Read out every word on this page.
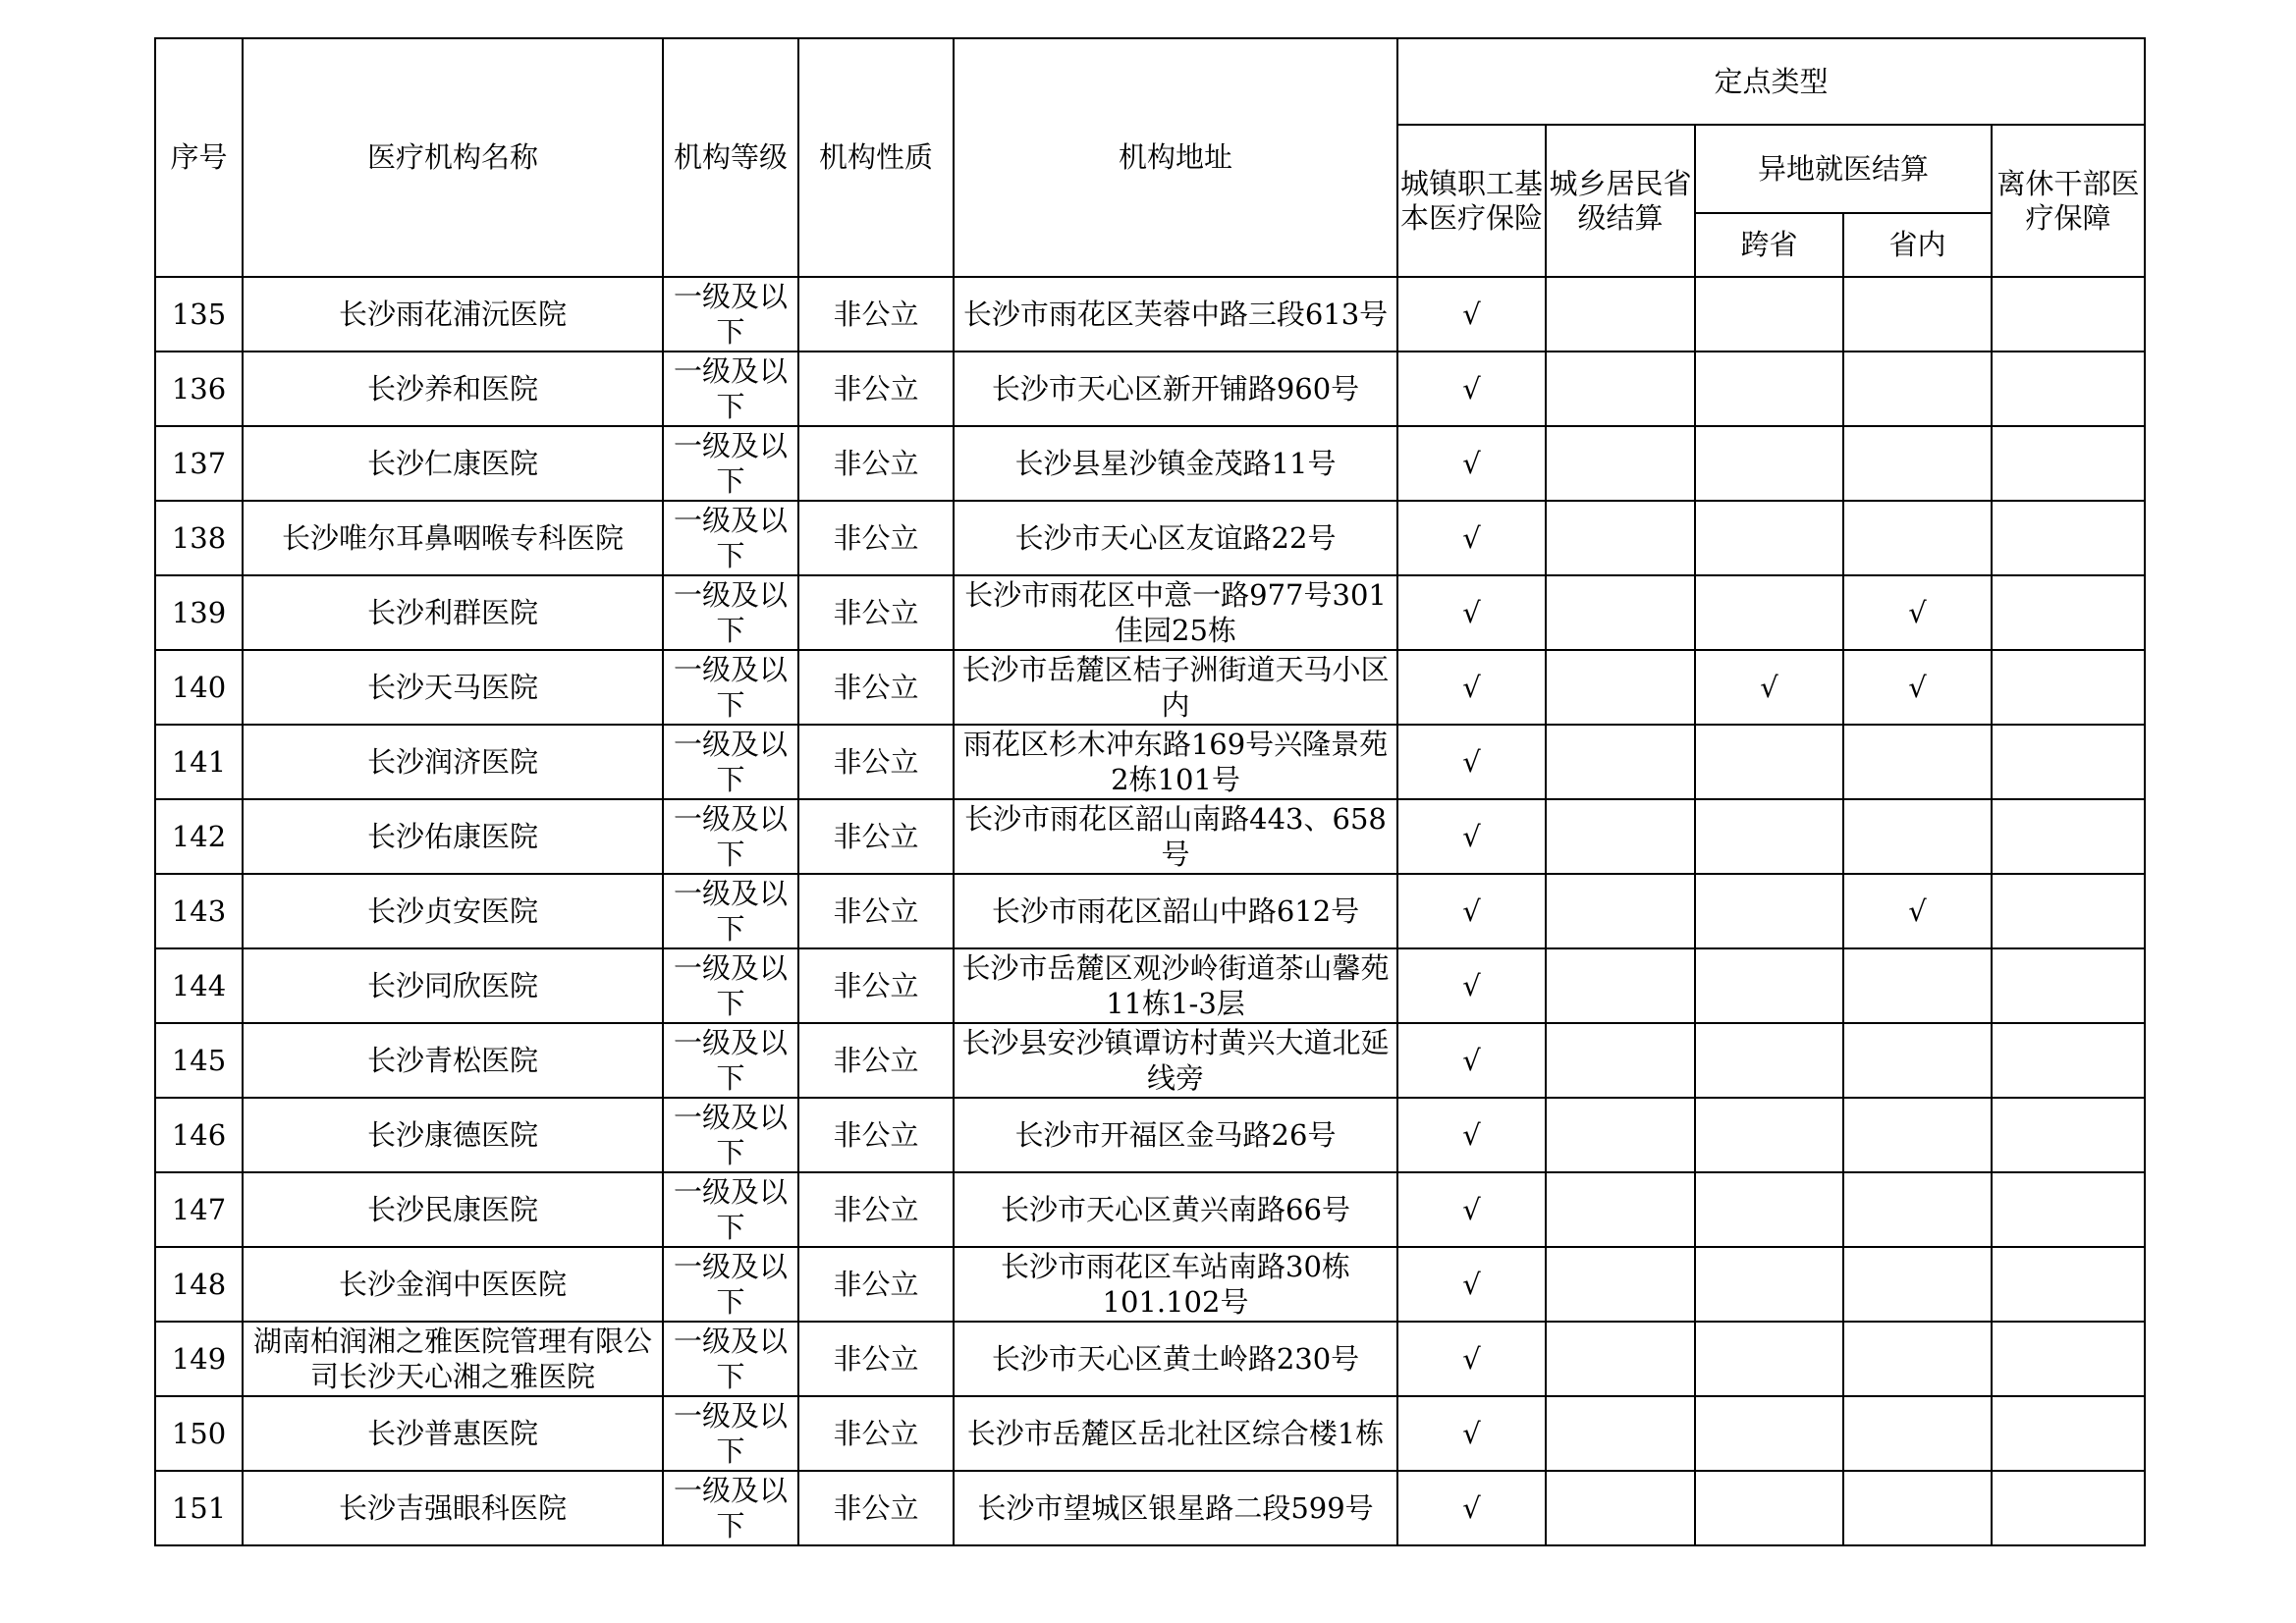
序号	医疗机构名称	机构等级	机构性质	机构地址	定点类型				
					城镇职工基本医疗保险	城乡居民省级结算	异地就医结算		离休干部医疗保障
							跨省	省内	
135	长沙雨花浦沅医院	一级及以下	非公立	长沙市雨花区芙蓉中路三段613号	√				
136	长沙养和医院	一级及以下	非公立	长沙市天心区新开铺路960号	√				
137	长沙仁康医院	一级及以下	非公立	长沙县星沙镇金茂路11号	√				
138	长沙唯尔耳鼻咽喉专科医院	一级及以下	非公立	长沙市天心区友谊路22号	√				
139	长沙利群医院	一级及以下	非公立	长沙市雨花区中意一路977号301佳园25栋	√			√	
140	长沙天马医院	一级及以下	非公立	长沙市岳麓区桔子洲街道天马小区内	√		√	√	
141	长沙润济医院	一级及以下	非公立	雨花区杉木冲东路169号兴隆景苑2栋101号	√				
142	长沙佑康医院	一级及以下	非公立	长沙市雨花区韶山南路443、658号	√				
143	长沙贞安医院	一级及以下	非公立	长沙市雨花区韶山中路612号	√			√	
144	长沙同欣医院	一级及以下	非公立	长沙市岳麓区观沙岭街道茶山馨苑11栋1-3层	√				
145	长沙青松医院	一级及以下	非公立	长沙县安沙镇谭访村黄兴大道北延线旁	√				
146	长沙康德医院	一级及以下	非公立	长沙市开福区金马路26号	√				
147	长沙民康医院	一级及以下	非公立	长沙市天心区黄兴南路66号	√				
148	长沙金润中医医院	一级及以下	非公立	长沙市雨花区车站南路30栋101.102号	√				
149	湖南柏润湘之雅医院管理有限公司长沙天心湘之雅医院	一级及以下	非公立	长沙市天心区黄土岭路230号	√				
150	长沙普惠医院	一级及以下	非公立	长沙市岳麓区岳北社区综合楼1栋	√				
151	长沙吉强眼科医院	一级及以下	非公立	长沙市望城区银星路二段599号	√				
